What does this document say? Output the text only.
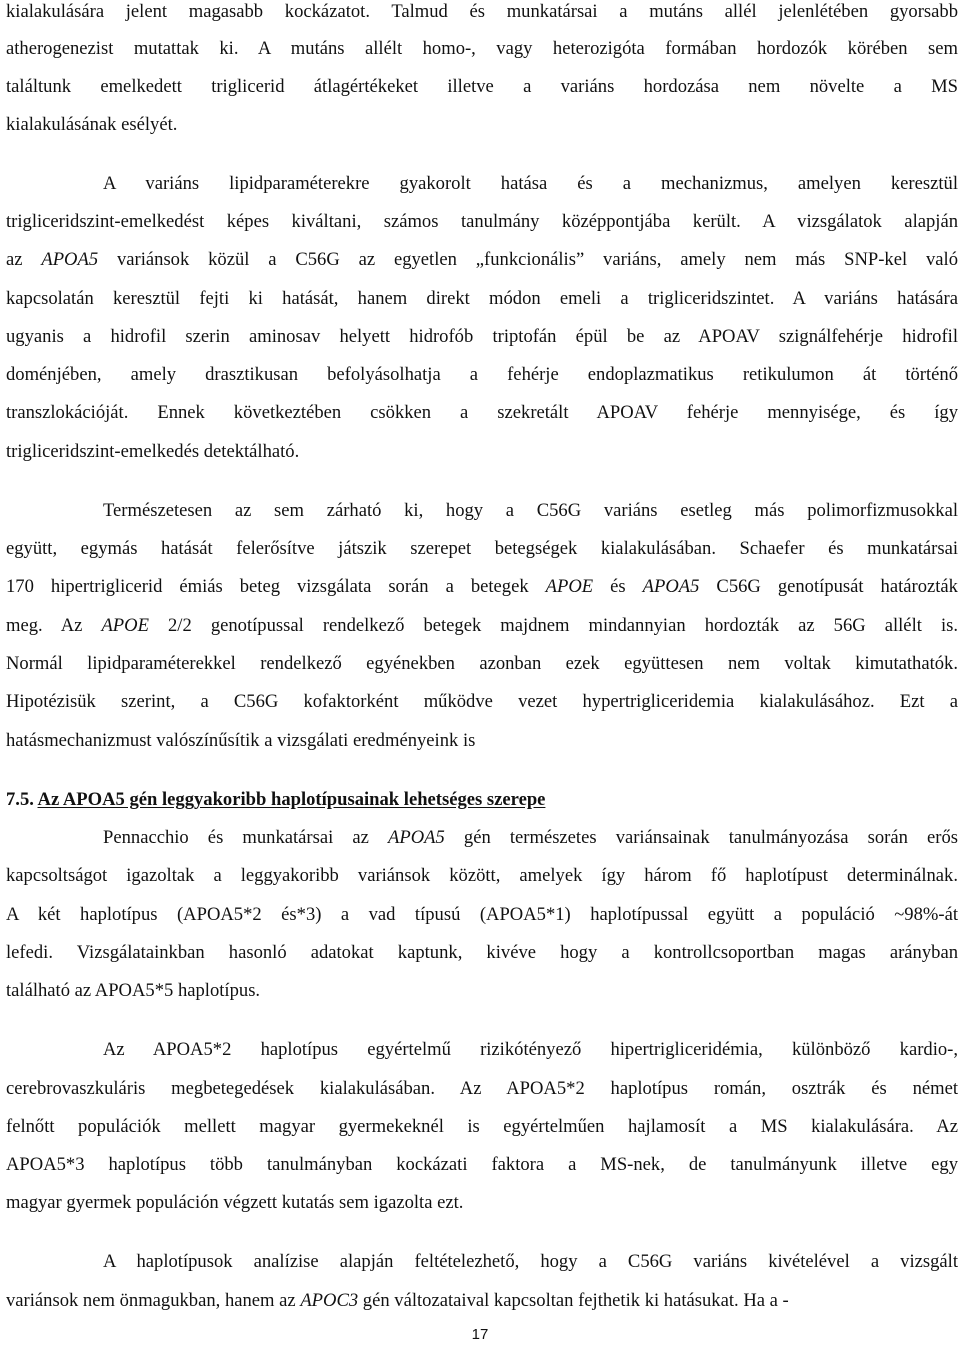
kialakulására jelent magasabb kockázatot. Talmud és munkatársai a mutáns allél jelenlétében gyorsabb
atherogenezist mutattak ki. A mutáns allélt homo-, vagy heterozigóta formában hordozók körében sem
találtunk emelkedett triglicerid átlagértékeket illetve a variáns hordozása nem növelte a MS
kialakulásának esélyét.
A variáns lipidparaméterekre gyakorolt hatása és a mechanizmus, amelyen keresztül
trigliceridszint-emelkedést képes kiváltani, számos tanulmány középpontjába került. A vizsgálatok alapján
az APOA5 variánsok közül a C56G az egyetlen „funkcionális” variáns, amely nem más SNP-kel való
kapcsolatán keresztül fejti ki hatását, hanem direkt módon emeli a trigliceridszintet. A variáns hatására
ugyanis a hidrofil szerin aminosav helyett hidrofób triptofán épül be az APOAV szignálfehérje hidrofil
doménjében, amely drasztikusan befolyásolhatja a fehérje endoplazmatikus retikulumon át történő
transzlokációját. Ennek következtében csökken a szekretált APOAV fehérje mennyisége, és így
trigliceridszint-emelkedés detektálható.
Természetesen az sem zárható ki, hogy a C56G variáns esetleg más polimorfizmusokkal
együtt, egymás hatását felerősítve játszik szerepet betegségek kialakulásában. Schaefer és munkatársai
170 hipertriglicerid émiás beteg vizsgálata során a betegek APOE és APOA5 C56G genotípusát határozták
meg. Az APOE 2/2 genotípussal rendelkező betegek majdnem mindannyian hordozták az 56G allélt is.
Normál lipidparaméterekkel rendelkező egyénekben azonban ezek együttesen nem voltak kimutathatók.
Hipotézisük szerint, a C56G kofaktorként működve vezet hypertrigliceridemia kialakulásához. Ezt a
hatásmechanizmust valószínűsítik a vizsgálati eredményeink is
7.5. Az APOA5 gén leggyakoribb haplotípusainak lehetséges szerepe
Pennacchio és munkatársai az APOA5 gén természetes variánsainak tanulmányozása során erős
kapcsoltságot igazoltak a leggyakoribb variánsok között, amelyek így három fő haplotípust determinálnak.
A két haplotípus (APOA5*2 és*3) a vad típusú (APOA5*1) haplotípussal együtt a populáció ~98%-át
lefedi. Vizsgálatainkban hasonló adatokat kaptunk, kivéve hogy a kontrollcsoportban magas arányban
található az APOA5*5 haplotípus.
Az APOA5*2 haplotípus egyértelmű rizikótényező hipertrigliceridémia, különböző kardio-,
cerebrovaszkuláris megbetegedések kialakulásában. Az APOA5*2 haplotípus román, osztrák és német
felnőtt populációk mellett magyar gyermekeknél is egyértelműen hajlamosít a MS kialakulására. Az
APOA5*3 haplotípus több tanulmányban kockázati faktora a MS-nek, de tanulmányunk illetve egy
magyar gyermek populáción végzett kutatás sem igazolta ezt.
A haplotípusok analízise alapján feltételezhető, hogy a C56G variáns kivételével a vizsgált
variánsok nem önmagukban, hanem az APOC3 gén változataival kapcsoltan fejthetik ki hatásukat. Ha a -
17
